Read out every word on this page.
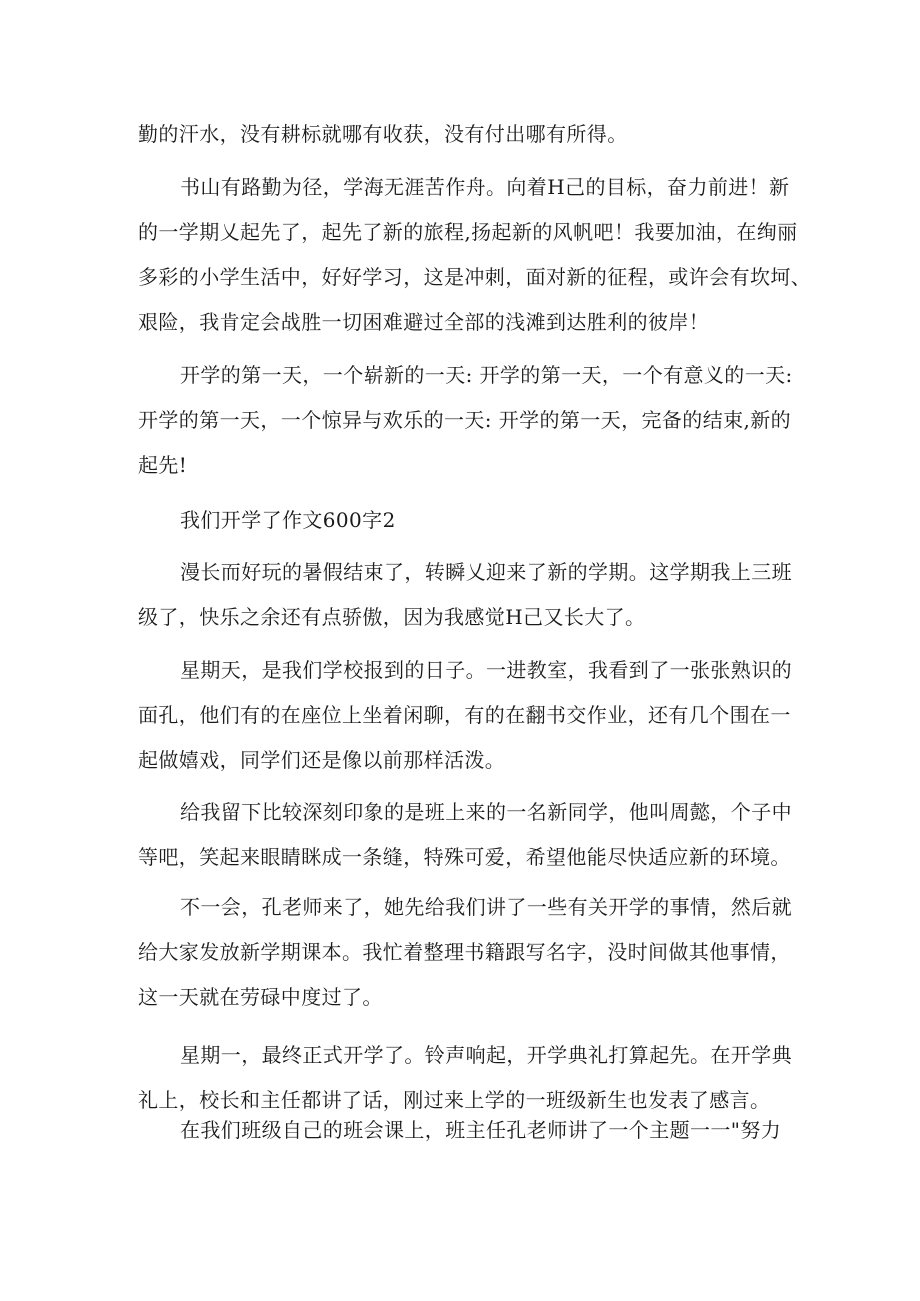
勤的汗水，没有耕标就哪有收获，没有付出哪有所得。

书山有路勤为径，学海无涯苦作舟。向着H己的目标，奋力前进！新
的一学期乂起先了，起先了新的旅程,扬起新的风帆吧！我要加油，在绚丽
多彩的小学生活中，好好学习，这是冲刺，面对新的征程，或许会有坎坷、
艰险，我肯定会战胜一切困难避过全部的浅滩到达胜利的彼岸！

开学的第一天，一个崭新的一天: 开学的第一天，一个有意义的一天:
开学的第一天，一个惊异与欢乐的一天: 开学的第一天，完备的结束,新的
起先!

我们开学了作文600字2

漫长而好玩的暑假结束了，转瞬乂迎来了新的学期。这学期我上三班
级了，快乐之余还有点骄傲，因为我感觉H己又长大了。

星期天，是我们学校报到的日子。一进教室，我看到了一张张熟识的
面孔，他们有的在座位上坐着闲聊，有的在翻书交作业，还有几个围在一
起做嬉戏，同学们还是像以前那样活泼。

给我留下比较深刻印象的是班上来的一名新同学，他叫周懿，个子中
等吧，笑起来眼睛眯成一条缝，特殊可爱，希望他能尽快适应新的环境。

不一会，孔老师来了，她先给我们讲了一些有关开学的事情，然后就
给大家发放新学期课本。我忙着整理书籍跟写名字，没时间做其他事情，
这一天就在劳碌中度过了。

星期一，最终正式开学了。铃声响起，开学典礼打算起先。在开学典
礼上，校长和主任都讲了话，刚过来上学的一班级新生也发表了感言。

在我们班级自己的班会课上，班主任孔老师讲了一个主题一一"努力
